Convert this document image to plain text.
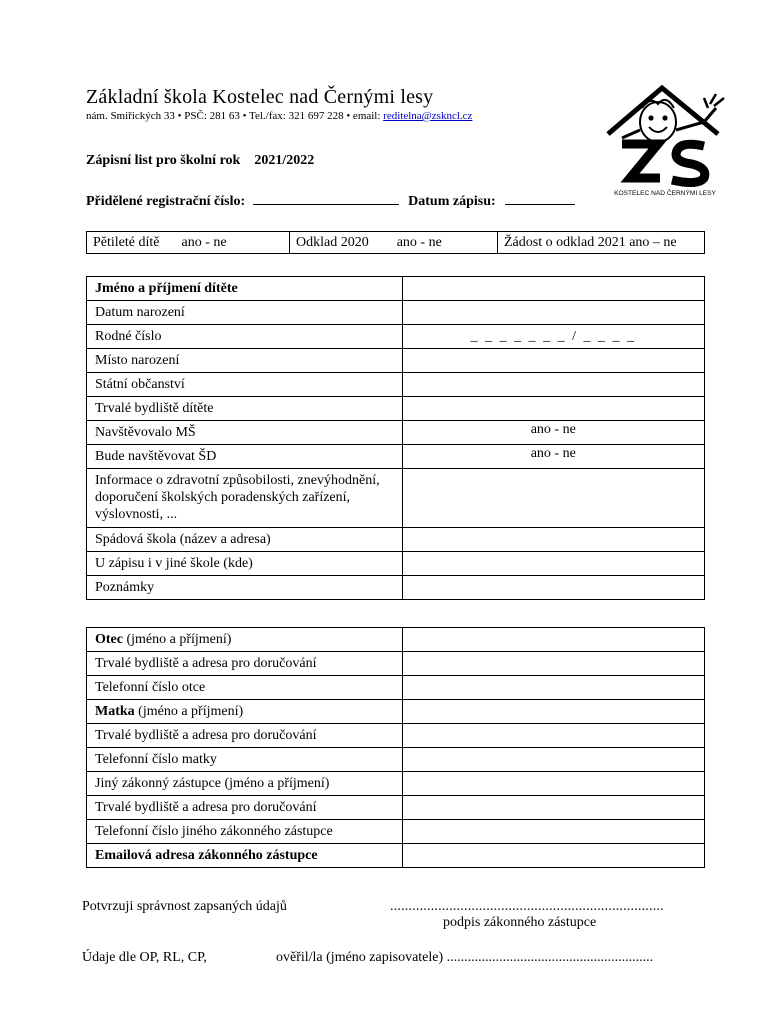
Základní škola Kostelec nad Černými lesy
nám. Smiřických 33 • PSČ: 281 63 • Tel./fax: 321 697 228 • email: reditelna@zskncl.cz
KOSTELEC NAD ČERNÝMI LESY
Zápisní list pro školní rok 2021/2022
Přidělené registrační číslo:	Datum zápisu:
Pětileté dítě ano - ne	Odklad 2020 ano - ne	Žádost o odklad 2021 ano – ne
Jméno a příjmení dítěte	
Datum narození	
Rodné číslo	_ _ _ _ _ _ _ / _ _ _ _
Místo narození	
Státní občanství	
Trvalé bydliště dítěte	
Navštěvovalo MŠ	ano - ne

Bude navštěvovat ŠD	ano - ne

Informace o zdravotní způsobilosti, znevýhodnění, doporučení školských poradenských zařízení, výslovnosti, ...	
Spádová škola (název a adresa)	
U zápisu i v jiné škole (kde)	
Poznámky	
Otec (jméno a příjmení)	
Trvalé bydliště a adresa pro doručování	
Telefonní číslo otce	
Matka (jméno a příjmení)	
Trvalé bydliště a adresa pro doručování	
Telefonní číslo matky	
Jiný zákonný zástupce (jméno a příjmení)	
Trvalé bydliště a adresa pro doručování	
Telefonní číslo jiného zákonného zástupce	
Emailová adresa zákonného zástupce	
Potvrzuji správnost zapsaných údajů	..........................................................................
podpis zákonného zástupce
Údaje dle OP, RL, CP,	ověřil/la (jméno zapisovatele) ...........................................................
